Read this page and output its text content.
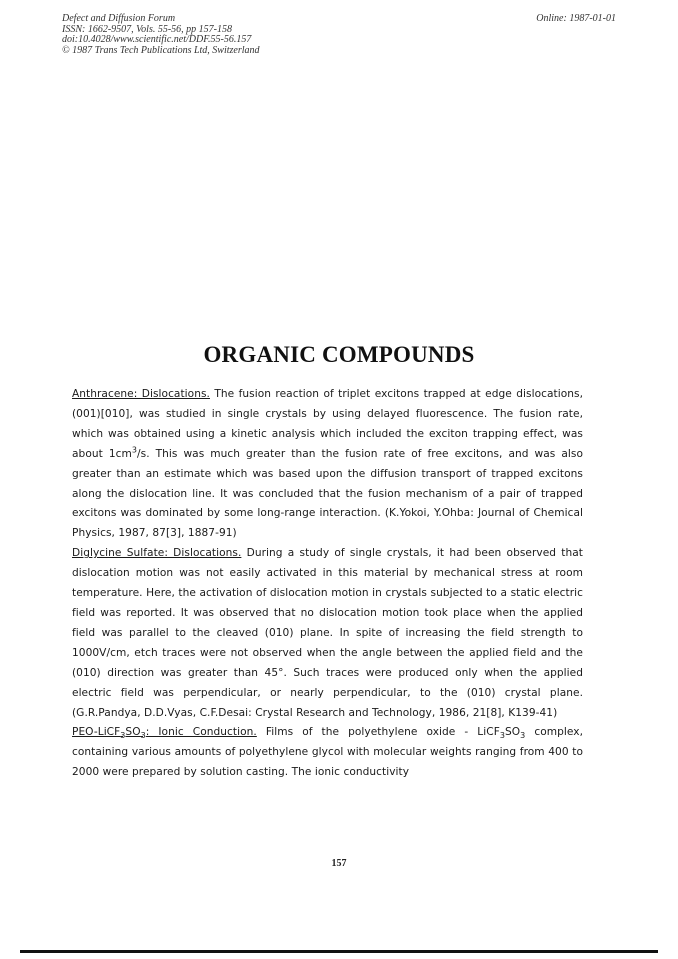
Defect and Diffusion Forum
ISSN: 1662-9507, Vols. 55-56, pp 157-158
doi:10.4028/www.scientific.net/DDF.55-56.157
© 1987 Trans Tech Publications Ltd, Switzerland
Online: 1987-01-01
ORGANIC COMPOUNDS

Anthracene: Dislocations. The fusion reaction of triplet excitons trapped at edge dislocations, (001)[010], was studied in single crystals by using delayed fluorescence. The fusion rate, which was obtained using a kinetic analysis which included the exciton trapping effect, was about $1cm^3/s$. This was much greater than the fusion rate of free excitons, and was also greater than an estimate which was based upon the diffusion transport of trapped excitons along the dislocation line. It was concluded that the fusion mechanism of a pair of trapped excitons was dominated by some long-range interaction. (K.Yokoi, Y.Ohba: Journal of Chemical Physics, 1987, 87[3], 1887-91)

Diglycine Sulfate: Dislocations. During a study of single crystals, it had been observed that dislocation motion was not easily activated in this material by mechanical stress at room temperature. Here, the activation of dislocation motion in crystals subjected to a static electric field was reported. It was observed that no dislocation motion took place when the applied field was parallel to the cleaved (010) plane. In spite of increasing the field strength to 1000V/cm, etch traces were not observed when the angle between the applied field and the (010) direction was greater than 45°. Such traces were produced only when the applied electric field was perpendicular, or nearly perpendicular, to the (010) crystal plane. (G.R.Pandya, D.D.Vyas, C.F.Desai: Crystal Research and Technology, 1986, 21[8], K139-41)

PEO-$LiCF_3SO_3$: Ionic Conduction. Films of the polyethylene oxide - $LiCF_3SO_3$ complex, containing various amounts of polyethylene glycol with molecular weights ranging from 400 to 2000 were prepared by solution casting. The ionic conductivity

157
